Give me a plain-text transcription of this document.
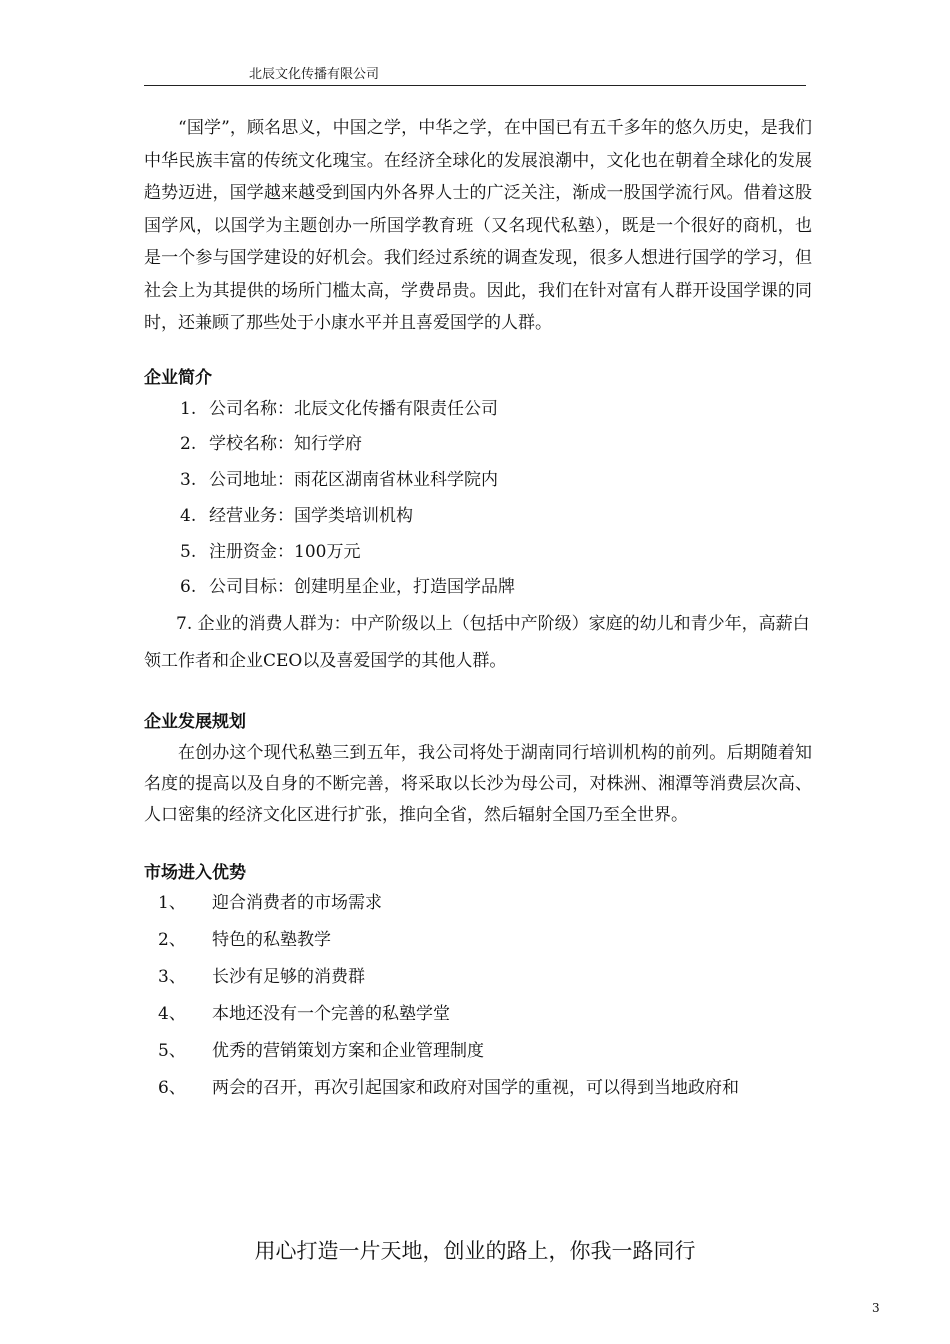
北辰文化传播有限公司

“国学”，顾名思义，中国之学，中华之学，在中国已有五千多年的悠久历史，是我们中华民族丰富的传统文化瑰宝。在经济全球化的发展浪潮中，文化也在朝着全球化的发展趋势迈进，国学越来越受到国内外各界人士的广泛关注，渐成一股国学流行风。借着这股国学风，以国学为主题创办一所国学教育班（又名现代私塾），既是一个很好的商机，也是一个参与国学建设的好机会。我们经过系统的调查发现，很多人想进行国学的学习，但社会上为其提供的场所门槛太高，学费昂贵。因此，我们在针对富有人群开设国学课的同时，还兼顾了那些处于小康水平并且喜爱国学的人群。

企业简介
1. 公司名称：北辰文化传播有限责任公司
2. 学校名称：知行学府
3. 公司地址：雨花区湖南省林业科学院内
4. 经营业务：国学类培训机构
5. 注册资金：100万元
6. 公司目标：创建明星企业，打造国学品牌

7. 企业的消费人群为：中产阶级以上（包括中产阶级）家庭的幼儿和青少年，高薪白领工作者和企业CEO以及喜爱国学的其他人群。

企业发展规划

在创办这个现代私塾三到五年，我公司将处于湖南同行培训机构的前列。后期随着知名度的提高以及自身的不断完善，将采取以长沙为母公司，对株洲、湘潭等消费层次高、人口密集的经济文化区进行扩张，推向全省，然后辐射全国乃至全世界。

市场进入优势
1、 迎合消费者的市场需求
2、 特色的私塾教学
3、 长沙有足够的消费群
4、 本地还没有一个完善的私塾学堂
5、 优秀的营销策划方案和企业管理制度
6、 两会的召开，再次引起国家和政府对国学的重视，可以得到当地政府和
用心打造一片天地，创业的路上，你我一路同行
3
